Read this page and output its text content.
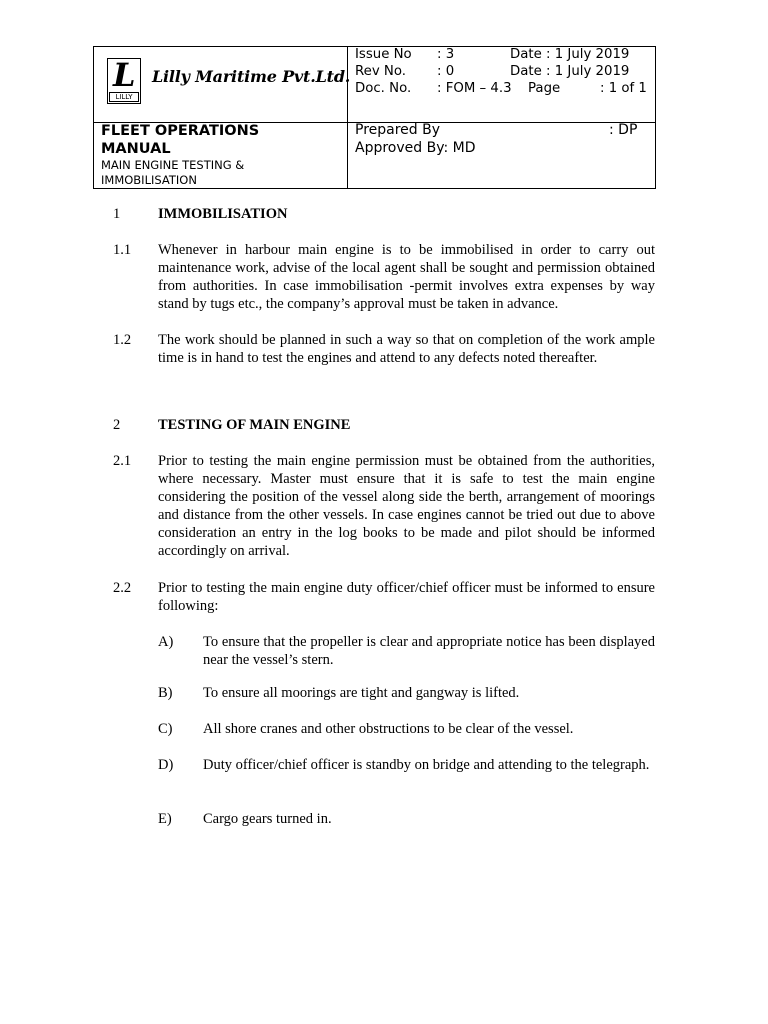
L
LILLY
Lilly Maritime Pvt.Ltd.
Issue No : 3	Date : 1 July 2019
Rev No. : 0	Date : 1 July 2019
Doc. No. : FOM – 4.3 Page	: 1 of 1
FLEET OPERATIONS MANUAL
MAIN ENGINE TESTING & IMMOBILISATION
Prepared By	: DP
Approved By: MD
1	IMMOBILISATION
1.1 Whenever in harbour main engine is to be immobilised in order to carry out maintenance work, advise of the local agent shall be sought and permission obtained from authorities. In case immobilisation -permit involves extra expenses by way stand by tugs etc., the company’s approval must be taken in advance.
1.2 The work should be planned in such a way so that on completion of the work ample time is in hand to test the engines and attend to any defects noted thereafter.
2	TESTING OF MAIN ENGINE
2.1 Prior to testing the main engine permission must be obtained from the authorities, where necessary. Master must ensure that it is safe to test the main engine considering the position of the vessel along side the berth, arrangement of moorings and distance from the other vessels. In case engines cannot be tried out due to above consideration an entry in the log books to be made and pilot should be informed accordingly on arrival.
2.2 Prior to testing the main engine duty officer/chief officer must be informed to ensure following:
A) To ensure that the propeller is clear and appropriate notice has been displayed near the vessel’s stern.
B) To ensure all moorings are tight and gangway is lifted.
C) All shore cranes and other obstructions to be clear of the vessel.
D) Duty officer/chief officer is standby on bridge and attending to the telegraph.
E) Cargo gears turned in.
